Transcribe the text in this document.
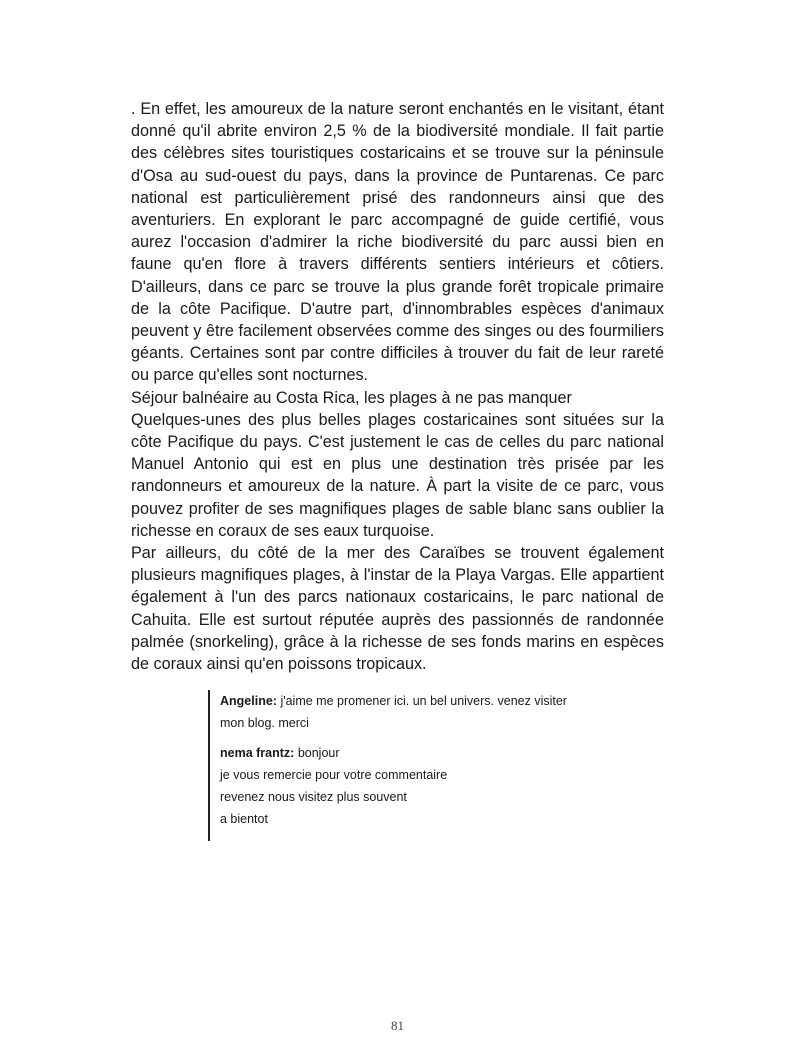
. En effet, les amoureux de la nature seront enchantés en le visitant, étant donné qu'il abrite environ 2,5 % de la biodiversité mondiale. Il fait partie des célèbres sites touristiques costaricains et se trouve sur la péninsule d'Osa au sud-ouest du pays, dans la province de Puntarenas. Ce parc national est particulièrement prisé des randonneurs ainsi que des aventuriers. En explorant le parc accompagné de guide certifié, vous aurez l'occasion d'admirer la riche biodiversité du parc aussi bien en faune qu'en flore à travers différents sentiers intérieurs et côtiers. D'ailleurs, dans ce parc se trouve la plus grande forêt tropicale primaire de la côte Pacifique. D'autre part, d'innombrables espèces d'animaux peuvent y être facilement observées comme des singes ou des fourmiliers géants. Certaines sont par contre difficiles à trouver du fait de leur rareté ou parce qu'elles sont nocturnes.

Séjour balnéaire au Costa Rica, les plages à ne pas manquer

Quelques-unes des plus belles plages costaricaines sont situées sur la côte Pacifique du pays. C'est justement le cas de celles du parc national Manuel Antonio qui est en plus une destination très prisée par les randonneurs et amoureux de la nature. À part la visite de ce parc, vous pouvez profiter de ses magnifiques plages de sable blanc sans oublier la richesse en coraux de ses eaux turquoise.

Par ailleurs, du côté de la mer des Caraïbes se trouvent également plusieurs magnifiques plages, à l'instar de la Playa Vargas. Elle appartient également à l'un des parcs nationaux costaricains, le parc national de Cahuita. Elle est surtout réputée auprès des passionnés de randonnée palmée (snorkeling), grâce à la richesse de ses fonds marins en espèces de coraux ainsi qu'en poissons tropicaux.

Angeline: j'aime me promener ici. un bel univers. venez visiter
mon blog. merci
nema frantz: bonjour
je vous remercie pour votre commentaire
revenez nous visitez plus souvent
a bientot
81
